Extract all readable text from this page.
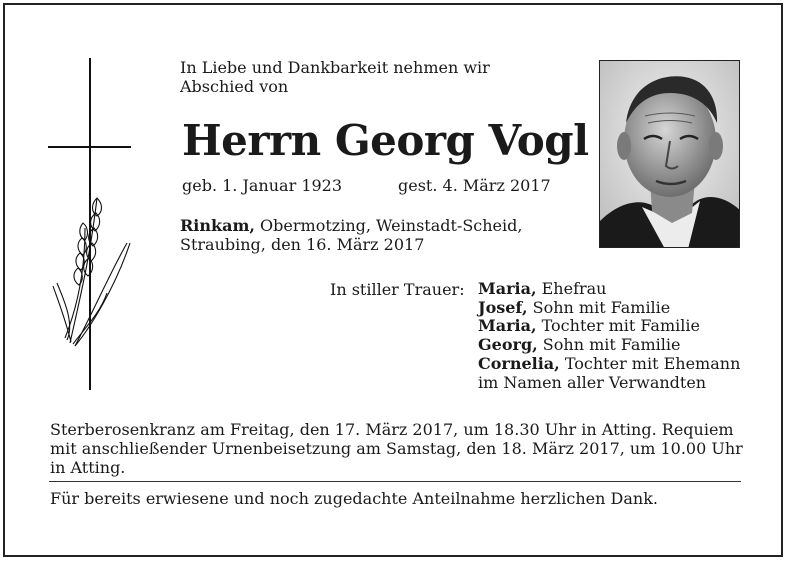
In Liebe und Dankbarkeit nehmen wir Abschied von
Herrn Georg Vogl
geb. 1. Januar 1923	gest. 4. März 2017
Rinkam, Obermotzing, Weinstadt-Scheid,
Straubing, den 16. März 2017
In stiller Trauer: Maria, Ehefrau
Josef, Sohn mit Familie
Maria, Tochter mit Familie
Georg, Sohn mit Familie
Cornelia, Tochter mit Ehemann
im Namen aller Verwandten
Sterberosenkranz am Freitag, den 17. März 2017, um 18.30 Uhr in Atting. Requiem mit anschließender Urnenbeisetzung am Samstag, den 18. März 2017, um 10.00 Uhr in Atting.
Für bereits erwiesene und noch zugedachte Anteilnahme herzlichen Dank.
